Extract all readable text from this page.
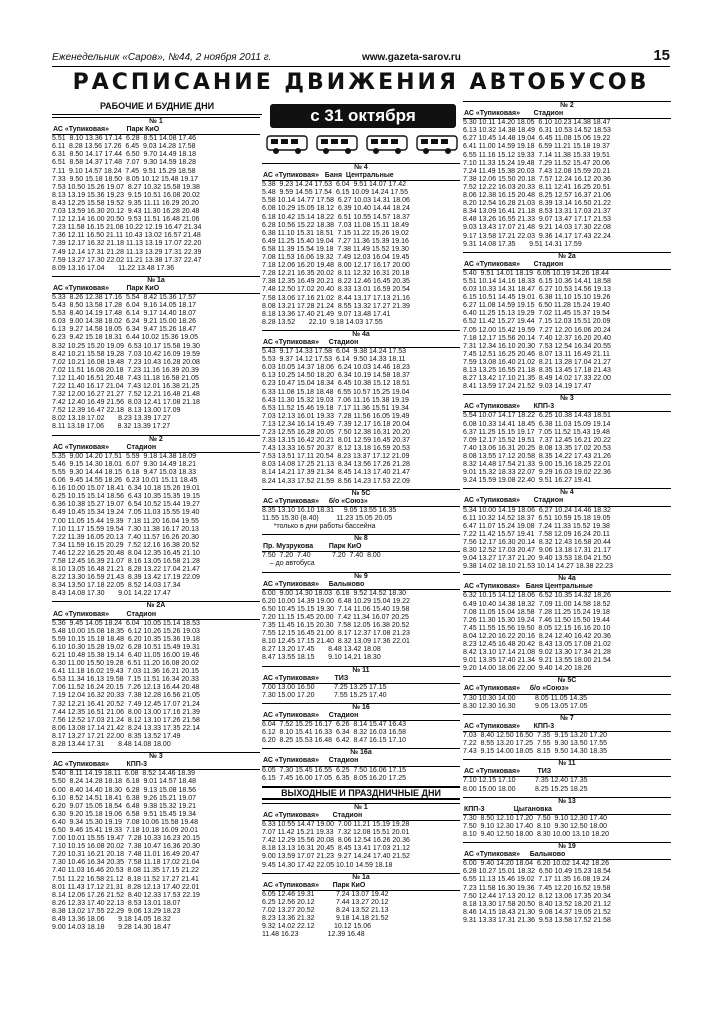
Еженедельник «Саров», №44, 2 ноября 2011 г.	www.gazeta-sarov.ru	15
РАСПИСАНИЕ ДВИЖЕНИЯ АВТОБУСОВ
РАБОЧИЕ И БУДНИЕ ДНИ	с 31 октября
№ 1
АС «Тупиковая»         Парк КиО
5.51  8.10 13.36 17.14  6.28  8.51 14.08 17.46
6.11  8.28 13.56 17.26  6.45  9.03 14.28 17.58
6.31  8.50 14.17 17.44  6.50  9.70 14.49 18.18
6.51  8.58 14.37 17.48  7.07  9.30 14.59 18.28
7.11  9.10 14.57 18.24  7.45  9.51 15.29 18.58
7.33  9.50 15.18 18.50  8.05 10.12 15.48 19.17
7.53 10.50 15.26 19.07  8.27 10.32 15.58 19.38
8.13 13.19 15.36 19.23  9.15 10.51 16.08 20.02
8.43 12.25 15.58 19.52  9.35 11.11 16.29 20.20
7.03 13.59 16.30 20.12  9.43 11.30 16.28 20.48
7.12 12.14 16.00 20.50  9.53 11.51 16.48 21.06
7.23 11.58 16.15 21.08 10.22 12.19 16.47 21.34
7.36 12.11 16.50 21.11 10.43 13.02 16.57 21.48
7.39 12.17 16.32 21.18 11.13 13.19 17.07 22.20
7.49 12.14 17.31 21.28 11.13 13.29 17.31 22.39
7.59 13.27 17.30 22.02 11.21 13.38 17.37 22.47
8.09 13.16 17.04       11.22 13.48 17.36
№ 1а
АС «Тупиковая»         Парк КиО
5.33  8.26 12.38 17.16  5.54  8.42 15.36 17.57
5.43  8.50 13.58 17.28  6.04  9.16 14.05 18.17
5.53  8.40 14.19 17.48  6.14  9.17 14.40 18.07
6.03  9.00 14.38 18.02  6.24  9.21 15.00 18.26
6.13  9.27 14.58 18.05  6.34  9.47 15.26 18.47
6.23  9.42 15.18 18.31  6.44 10.02 15.36 19.05
8.32 10.25 15.20 19.09  6.53 10.17 15.58 19.30
8.42 10.21 15.58 19.28  7.03 10.42 16.09 19.59
7.02 10.21 16.08 19.48  7.23 10.43 16.28 20.08
7.02 11.51 16.08 20.18  7.23 11.16 16.39 20.39
7.12 11.40 16.51 20.48  7.43 11.18 16.58 21.05
7.22 11.40 16.17 21.04  7.43 12.01 16.38 21.25
7.32 12.00 16.27 21.27  7.52 12.21 16.48 21.48
7.42 12.40 16.49 21.56  8.03 12.41 17.08 21.18
7.52 12.39 16.47 22.18  8.13 13.00 17.09
8.02 13.18 17.02       8.23 13.39 17.27
8.11 13.18 17.06       8.32 13.39 17.27
№ 2
АС «Тупиковая»         Стадион
5.35  9.00 14.20 17.51  5.59  9.18 14.38 18.09
5.46  9.15 14.30 18.01  6.07  9.30 14.49 18.21
5.55  9.30 14.44 18.15  6.18  9.47 15.03 18.33
6.06  9.45 14.55 18.26  6.23 10.01 15.11 18.45
6.16 10.00 15.07 18.41  6.34 10.18 15.26 19.01
6.25 10.15 15.14 18.56  6.43 10.35 15.35 19.15
6.36 10.38 15.27 19.07  6.54 10.52 15.44 19.27
6.49 10.45 15.34 19.24  7.05 11.03 15.55 19.40
7.00 11.05 15.44 19.39  7.18 11.20 16.04 19.55
7.10 11.17 15.59 19.54  7.30 11.38 16.17 20.13
7.22 11.39 16.05 20.13  7.40 11.57 16.26 20.30
7.34 11.59 16.15 20.29  7.52 12.16 16.38 20.52
7.46 12.22 16.25 20.48  8.04 12.35 16.45 21.10
7.58 12.45 16.39 21.07  8.16 13.05 16.58 21.28
8.10 13.05 16.48 21.21  8.28 13.22 17.04 21.47
8.22 13.30 16.59 21.43  8.39 13.42 17.19 22.09
8.34 13.50 17.18 22.05  8.52 14.03 17.34
8.43 14.08 17.30       9.01 14.22 17.47
№ 2А
АС «Тупиковая»         Стадион
5.36  9.45 14.05 18.24  6.04  10.05 15.14 18.53
5.48 10.00 15.08 18.35  6.12 10.26 15.26 19.03
5.59 10.15 15.18 18.48  6.20 10.35 15.36 19.18
6.10 10.30 15.28 19.02  6.28 10.51 15.49 19.31
6.21 10.48 15.38 19.14  6.40 11.05 16.00 19.46
6.30 11.00 15.50 19.28  6.51 11.20 16.08 20.02
6.41 11.18 16.02 19.43  7.03 11.36 16.21 20.15
6.53 11.34 16.13 19.58  7.15 11.51 16.34 20.33
7.06 11.52 16.24 20.15  7.26 12.13 16.44 20.48
7.19 12.04 16.32 20.33  7.38 12.28 16.56 21.05
7.32 12.21 16.41 20.52  7.49 12.45 17.07 21.24
7.44 12.35 16.51 21.06  8.00 13.00 17.16 21.39
7.56 12.52 17.03 21.24  8.12 13.10 17.26 21.58
8.06 13.08 17.14 21.42  8.24 13.33 17.35 22.14
8.17 13.27 17.21 22.00  8.35 13.52 17.49
8.28 13.44 17.31       8.48 14.08 18.00
№ 3
АС «Тупиковая»         КПП-3
5.40  8.11 14.19 18.11  6.08  8.52 14.46 18.39
5.50  8.24 14.28 18.18  6.18  9.01 14.57 18.48
6.00  8.40 14.40 18.30  6.28  9.13 15.08 18.56
6.10  8.52 14.51 18.41  6.38  9.26 15.21 19.07
6.20  9.07 15.05 18.54  6.48  9.38 15.32 19.21
6.30  9.20 15.18 19.06  6.58  9.51 15.45 19.34
6.40  9.34 15.30 19.19  7.08 10.06 15.58 19.48
6.50  9.46 15.41 19.33  7.18 10.18 16.09 20.01
7.00 10.01 15.55 19.47  7.28 10.33 16.23 20.15
7.10 10.15 16.08 20.02  7.38 10.47 16.36 20.30
7.20 10.31 16.21 20.18  7.48 11.01 16.49 20.47
7.30 10.46 16.34 20.35  7.58 11.18 17.02 21.04
7.40 11.03 16.46 20.53  8.08 11.35 17.15 21.22
7.51 11.22 16.58 21.12  8.18 11.52 17.27 21.41
8.01 11.43 17.12 21.31  8.28 12.13 17.40 22.01
8.14 12.06 17.26 21.52  8.40 12.33 17.53 22.19
8.26 12.33 17.40 22.13  8.53 13.01 18.07
8.38 13.02 17.55 22.29  9.06 13.29 18.23
8.49 13.36 18.06       9.18 14.05 18.32
9.00 14.03 18.18       9.28 14.30 18.47
№ 4
АС «Тупиковая»   Баня  Центральные
5.38  9.23 14.24 17.53  6.04  9.51 14.07 17.42
5.48  9.59 14.55 17.54  6.15 10.09 14.24 17.55
5.58 10.14 14.77 17.58  6.27 10.03 14.31 18.06
6.08 10.29 15.05 18.12  6.39 10.40 14.44 18.24
6.18 10.42 15.14 18.22  6.51 10.55 14.57 18.37
6.28 10.56 15.22 18.38  7.03 11.08 15.11 18.49
6.38 11.10 15.31 18.51  7.15 11.22 15.26 19.02
6.49 11.25 15.40 19.04  7.27 11.36 15.39 19.16
6.58 11.39 15.54 19.18  7.38 11.49 15.52 19.30
7.08 11.53 16.06 19.32  7.49 12.03 16.04 19.45
7.18 12.06 16.20 19.48  8.00 12.17 16.17 20.00
7.28 12.21 16.35 20.02  8.11 12.32 16.31 20.18
7.38 12.35 16.49 20.21  8.22 12.46 16.45 20.35
7.48 12.50 17.02 20.40  8.33 13.01 16.59 20.54
7.58 13.06 17.16 21.02  8.44 13.17 17.13 21.16
8.08 13.21 17.28 21.24  8.55 13.32 17.27 21.39
8.18 13.36 17.40 21.49  9.07 13.48 17.41
8.28 13.52       22.10  9.18 14.03 17.55
№ 4а
АС «Тупиковая»     Стадион
5.43  9.17 14.33 17.58  6.04  9.38 14.24 17.53
5.53  9.37 14.12 17.53  6.14  9.50 14.33 18.11
6.03 10.05 14.37 18.06  6.24 10.03 14.46 18.23
6.13 10.25 14.50 18.20  6.34 10.19 14.58 18.37
6.23 10.47 15.04 18.34  6.45 10.38 15.12 18.51
6.33 11.08 15.18 18.48  6.55 10.57 15.25 19.04
6.43 11.30 15.32 19.03  7.06 11.16 15.38 19.19
6.53 11.52 15.46 19.18  7.17 11.36 15.51 19.34
7.03 12.13 16.01 19.33  7.28 11.56 16.05 19.49
7.13 12.34 16.14 19.49  7.39 12.17 16.18 20.04
7.23 12.55 16.28 20.05  7.50 12.38 16.31 20.20
7.33 13.15 16.42 20.21  8.01 12.59 16.45 20.37
7.43 13.33 16.57 20.37  8.12 13.18 16.59 20.53
7.53 13.51 17.11 20.54  8.23 13.37 17.12 21.09
8.03 14.08 17.25 21.13  8.34 13.56 17.26 21.28
8.14 14.21 17.39 21.34  8.45 14.13 17.40 21.47
8.24 14.33 17.52 21.59  8.56 14.23 17.53 22.09
№ 5С
АС «Тупиковая»     б/о «Союз»
8.35 13.10 16.10 18.31     9.05 13.55 16.35
11.55 15.30 (8.40)         11.23 15.05 20.05
*только в дни работы бассейна
№ 8
Пр. Музрукова        Парк КиО
7.50  7.20  7.40           7.20  7.40  8.00
– до автобуса
№ 9
АС «Тупиковая»     Балыково
6.00  9.00 14.30 18.03  6.18  9.52 14.52 18.30
6.20 10.00 14.39 19.00  6.48 10.29 15.04 19.22
6.50 10.45 15.15 19.30  7.14 11.06 15.40 19.58
7.20 11.15 15.45 20.00  7.42 11.34 16.07 20.25
7.35 11.45 16.15 20.30  7.58 12.05 16.38 20.52
7.55 12.15 16.45 21.00  8.17 12.37 17.08 21.23
8.10 12.45 17.15 21.40  8.32 13.09 17.36 22.01
8.27 13.20 17.45       8.48 13.42 18.08
8.47 13.55 18.15       9.10 14.21 18.30
№ 11
АС «Тупиковая»        ТИЗ
7.00 13.00 16.50          7.25 13.25 17.15
7.30 15.00 17.20          7.55 15.25 17.40
№ 16
АС «Тупиковая»     Стадион
6.04  7.52 15.25 16.17  6.26  8.14 15.47 16.43
6.12  8.10 15.41 16.33  6.34  8.32 16.03 16.58
6.20  8.25 15.53 16.48  6.42  8.47 16.15 17.10
№ 16а
АС «Тупиковая»     Стадион
6.05  7.30 15.45 16.55  6.25  7.50 16.06 17.15
6.15  7.45 16.00 17.05  6.35  8.05 16.20 17.25
ВЫХОДНЫЕ И ПРАЗДНИЧНЫЕ ДНИ
№ 1
АС «Тупиковая»       Стадион
6.33 10.55 14.47 19.00  7.00 11.21 15.19 19.28
7.07 11.42 15.21 19.33  7.32 12.08 15.51 20.01
7.42 12.29 15.56 20.08  8.06 12.54 16.26 20.36
8.18 13.13 16.31 20.45  8.45 13.41 17.03 21.12
9.00 13.59 17.07 21.23  9.27 14.24 17.40 21.52
9.45 14.30 17.42 22.05 10.10 14.59 18.18
№ 1а
АС «Тупиковая»       Парк КиО
6.05 12.46 19.31           7.24 13.07 19.42
6.25 12.56 20.12           7.44 13.27 20.12
7.02 13.27 20.52           8.24 13.52 21.13
8.23 13.36 21.32           9.18 14.18 21.52
9.32 14.02 22.12          10.12 15.06
11.48 16.23               12.39 16.48
№ 2
АС «Тупиковая»       Стадион
5.30 10.11 14.20 18.05  6.10 10.23 14.38 18.47
6.13 10.32 14.38 18.49  6.31 10.53 14.52 18.53
6.27 10.45 14.48 19.04  6.45 11.08 15.06 19.22
6.41 11.00 14.59 19.18  6.59 11.21 15.18 19.37
6.55 11.16 15.12 19.33  7.14 11.38 15.33 19.51
7.10 11.33 15.24 19.48  7.29 11.52 15.47 20.06
7.24 11.49 15.38 20.03  7.43 12.08 15.59 20.21
7.38 12.06 15.50 20.18  7.57 12.24 16.12 20.36
7.52 12.22 16.03 20.33  8.11 12.41 16.25 20.51
8.06 12.38 16.15 20.48  8.25 12.57 16.37 21.06
8.20 12.54 16.28 21.03  8.39 13.14 16.50 21.22
8.34 13.09 16.41 21.18  8.53 13.31 17.03 21.37
8.48 13.26 16.55 21.33  9.07 13.47 17.17 21.53
9.03 13.43 17.07 21.48  9.21 14.03 17.30 22.08
9.17 13.58 17.21 22.03  9.36 14.17 17.43 22.24
9.31 14.08 17.35       9.51 14.31 17.59
№ 2а
АС «Тупиковая»       Стадион
5.40  9.51 14.01 18.19  6.05 10.19 14.26 18.44
5.51 10.14 14.16 18.33  6.15 10.36 14.41 18.58
6.03 10.33 14.31 18.47  6.27 10.53 14.56 19.13
6.15 10.51 14.45 19.01  6.38 11.10 15.10 19.26
6.27 11.08 14.59 19.15  6.50 11.28 15.24 19.40
6.40 11.25 15.13 19.29  7.02 11.45 15.37 19.54
6.52 11.42 15.27 19.44  7.15 12.03 15.51 20.09
7.05 12.00 15.42 19.59  7.27 12.20 16.06 20.24
7.18 12.17 15.56 20.14  7.40 12.37 16.20 20.40
7.31 12.34 16.10 20.30  7.53 12.54 16.34 20.55
7.45 12.51 16.25 20.46  8.07 13.11 16.49 21.11
7.59 13.08 16.40 21.02  8.21 13.28 17.04 21.27
8.13 13.25 16.55 21.18  8.35 13.45 17.18 21.43
8.27 13.42 17.10 21.35  8.49 14.02 17.33 22.00
8.41 13.59 17.24 21.52  9.03 14.19 17.47
№ 3
АС «Тупиковая»       КПП-3
5.54 10.07 14.17 18.22  6.25 10.38 14.43 18.51
6.08 10.33 14.41 18.45  6.38 11.03 15.09 19.14
6.37 11.25 15.15 19.17  7.05 11.52 15.43 19.48
7.09 12.17 15.52 19.51  7.37 12.45 16.21 20.22
7.40 13.06 16.31 20.25  8.08 13.35 17.02 20.53
8.08 13.55 17.12 20.58  8.35 14.22 17.43 21.26
8.32 14.48 17.54 21.33  9.00 15.16 18.25 22.01
9.01 15.32 18.33 22.07  9.29 16.03 19.02 22.36
9.24 15.59 19.08 22.40  9.51 16.27 19.41
№ 4
АС «Тупиковая»       Стадион
5.34 10.00 14.19 18.06  6.27 10.24 14.46 18.32
6.11 10.32 14.52 18.37  6.51 10.59 15.18 19.05
6.47 11.07 15.24 19.08  7.24 11.33 15.52 19.38
7.22 11.42 15.57 19.41  7.58 12.09 16.24 20.11
7.56 12.17 16.30 20.14  8.32 12.43 16.58 20.44
8.30 12.52 17.03 20.47  9.06 13.18 17.31 21.17
9.04 13.27 17.37 21.20  9.40 13.53 18.04 21.50
9.38 14.02 18.10 21.53 10.14 14.27 18.38 22.23
№ 4а
АС «Тупиковая»   Баня Центральные
6.32 10.15 14.12 18.06  6.52 10.35 14.32 18.26
6.49 10.40 14.38 18.32  7.09 11.00 14.58 18.52
7.08 11.05 15.04 18.58  7.28 11.25 15.24 19.18
7.26 11.30 15.30 19.24  7.46 11.50 15.50 19.44
7.45 11.55 15.56 19.50  8.05 12.15 16.16 20.10
8.04 12.20 16.22 20.16  8.24 12.40 16.42 20.36
8.23 12.45 16.48 20.42  8.43 13.05 17.08 21.02
8.42 13.10 17.14 21.08  9.02 13.30 17.34 21.28
9.01 13.35 17.40 21.34  9.21 13.55 18.00 21.54
9.20 14.00 18.06 22.00  9.40 14.20 18.26
№ 5С
АС «Тупиковая»     б/о «Союз»
7.30 10.30 14.00          8.05 11.05 14.35
8.30 12.30 16.30          9.05 13.05 17.05
№ 7
АС «Тупиковая»       КПП-3
7.03  8.40 12.50 16.50  7.35  9.15 13.20 17.20
7.22  8.55 13.20 17.25  7.55  9.30 13.50 17.55
7.43  9.15 14.00 18.05  8.15  9.50 14.30 18.35
№ 11
АС «Тупиковая»         ТИЗ
7.10 12.15 17.10          7.35 12.40 17.35
8.00 15.00 18.00          8.25 15.25 18.25
№ 13
КПП-3               Цыгановка
7.30  8.50 12.10 17.20  7.50  9.10 12.30 17.40
7.50  9.10 12.30 17.40  8.10  9.30 12.50 18.00
8.10  9.40 12.50 18.00  8.30 10.00 13.10 18.20
№ 19
АС «Тупиковая»     Балыково
6.00  9.40 14.20 18.04  6.20 10.02 14.42 18.26
6.28 10.27 15.01 18.32  6.50 10.49 15.23 18.54
6.55 11.13 15.46 19.02  7.17 11.35 16.08 19.24
7.23 11.58 16.30 19.36  7.45 12.20 16.52 19.58
7.50 12.44 17.13 20.12  8.12 13.06 17.35 20.34
8.18 13.30 17.58 20.50  8.40 13.52 18.20 21.12
8.46 14.15 18.43 21.30  9.08 14.37 19.05 21.52
9.31 13.33 17.31 21.36  9.53 13.58 17.52 21.58
